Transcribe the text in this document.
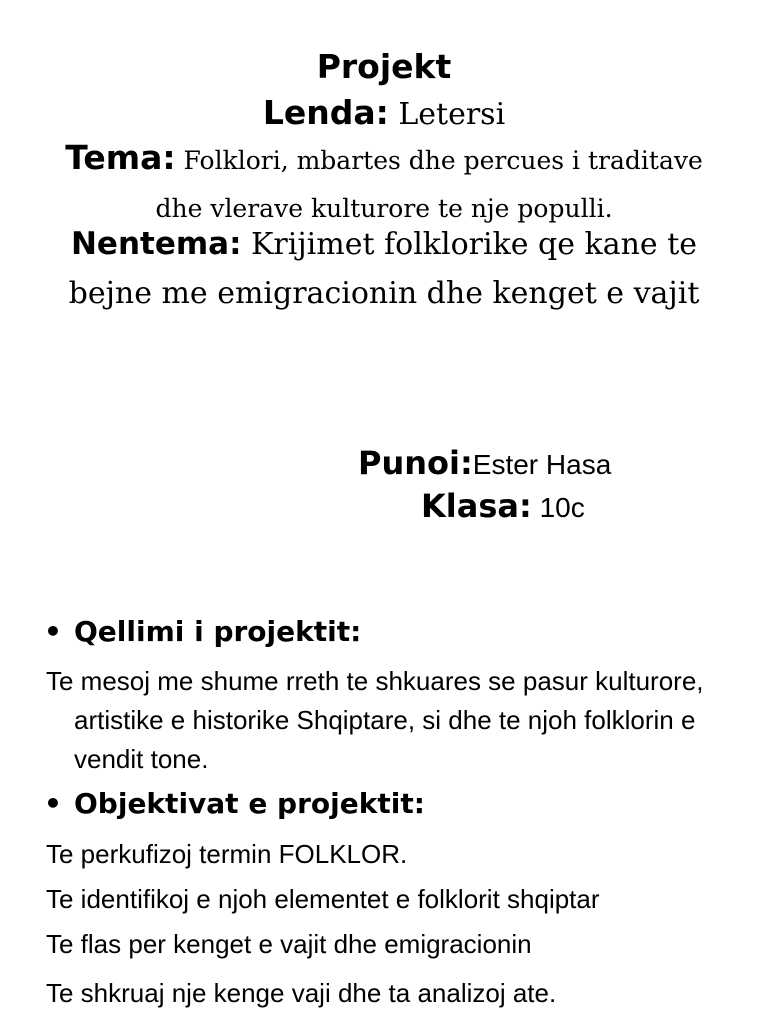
Projekt
Lenda: Letersi
Tema: Folklori, mbartes dhe percues i traditave dhe vlerave kulturore te nje populli.
Nentema: Krijimet folklorike qe kane te bejne me emigracionin dhe kenget e vajit
Punoi:Ester Hasa
Klasa: 10c
• Qellimi i projektit:
Te mesoj me shume rreth te shkuares se pasur kulturore, artistike e historike Shqiptare, si dhe te njoh folklorin e vendit tone.
• Objektivat e projektit:
Te perkufizoj termin FOLKLOR.
Te identifikoj e njoh elementet e folklorit shqiptar
Te flas per kenget e vajit dhe emigracionin
Te shkruaj nje kenge vaji dhe ta analizoj ate.
